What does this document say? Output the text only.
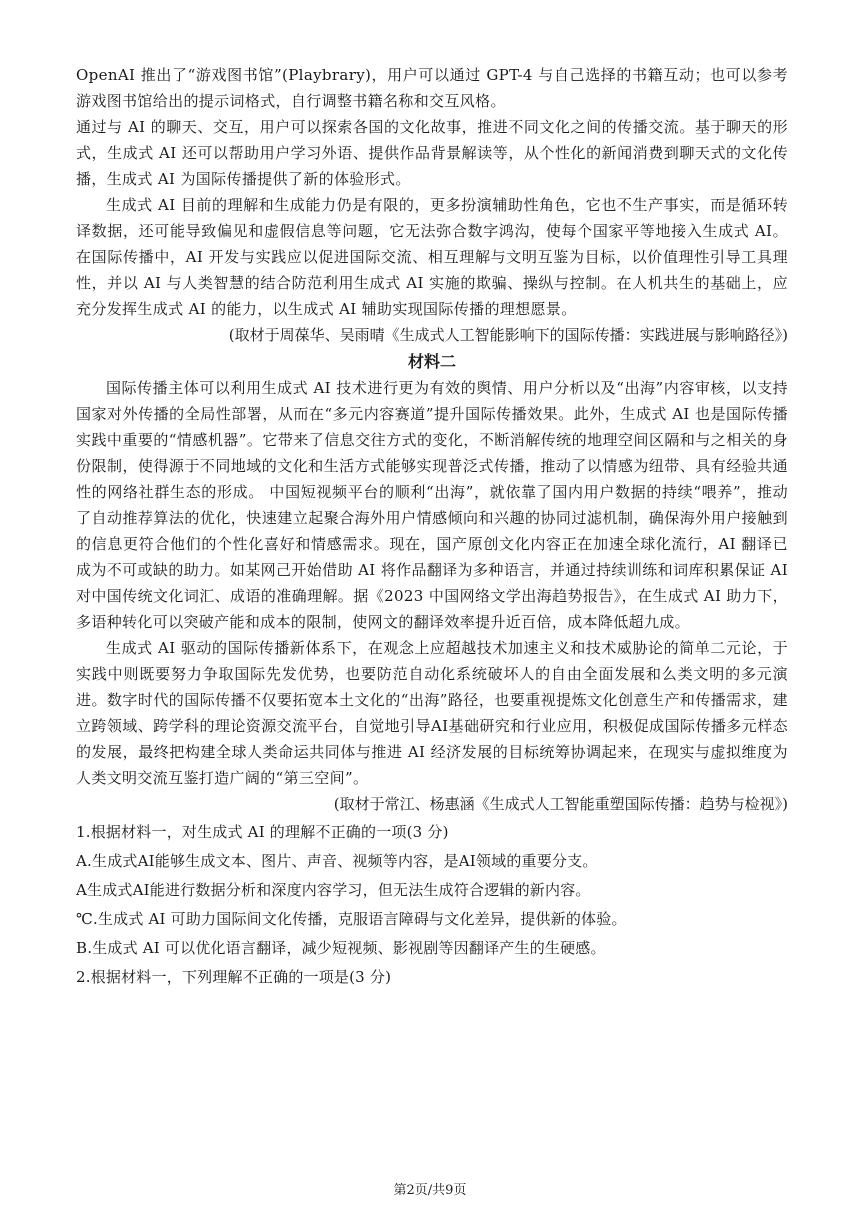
OpenAI 推出了“游戏图书馆”(Playbrary)，用户可以通过 GPT-4 与自己选择的书籍互动；也可以参考游戏图书馆给出的提示词格式，自行调整书籍名称和交互风格。

通过与 AI 的聊天、交互，用户可以探索各国的文化故事，推进不同文化之间的传播交流。基于聊天的形式，生成式 AI 还可以帮助用户学习外语、提供作品背景解读等，从个性化的新闻消费到聊天式的文化传播，生成式 AI 为国际传播提供了新的体验形式。

生成式 AI 目前的理解和生成能力仍是有限的，更多扮演辅助性角色，它也不生产事实，而是循环转译数据，还可能导致偏见和虚假信息等问题，它无法弥合数字鸿沟，使每个国家平等地接入生成式 AI。在国际传播中，AI 开发与实践应以促进国际交流、相互理解与文明互鉴为目标，以价值理性引导工具理性，并以 AI 与人类智慧的结合防范利用生成式 AI 实施的欺骗、操纵与控制。在人机共生的基础上，应充分发挥生成式 AI 的能力，以生成式 AI 辅助实现国际传播的理想愿景。

(取材于周葆华、吴雨晴《生成式人工智能影响下的国际传播：实践进展与影响路径》)

材料二

国际传播主体可以利用生成式 AI 技术进行更为有效的舆情、用户分析以及“出海”内容审核，以支持国家对外传播的全局性部署，从而在“多元内容赛道”提升国际传播效果。此外，生成式 AI 也是国际传播实践中重要的“情感机器”。它带来了信息交往方式的变化，不断消解传统的地理空间区隔和与之相关的身份限制，使得源于不同地域的文化和生活方式能够实现普泛式传播，推动了以情感为纽带、具有经验共通性的网络社群生态的形成。 中国短视频平台的顺利“出海”，就依靠了国内用户数据的持续“喂养”，推动了自动推荐算法的优化，快速建立起聚合海外用户情感倾向和兴趣的协同过滤机制，确保海外用户接触到的信息更符合他们的个性化喜好和情感需求。现在，国产原创文化内容正在加速全球化流行，AI 翻译已成为不可或缺的助力。如某网己开始借助 AI 将作品翻译为多种语言，并通过持续训练和词库积累保证 AI 对中国传统文化词汇、成语的准确理解。据《2023 中国网络文学出海趋势报告》，在生成式 AI 助力下，多语种转化可以突破产能和成本的限制，使网文的翻译效率提升近百倍，成本降低超九成。

生成式 AI 驱动的国际传播新体系下，在观念上应超越技术加速主义和技术威胁论的简单二元论，于实践中则既要努力争取国际先发优势，也要防范自动化系统破坏人的自由全面发展和么类文明的多元演进。数字时代的国际传播不仅要拓宽本土文化的“出海”路径，也要重视提炼文化创意生产和传播需求，建立跨领域、跨学科的理论资源交流平台，自觉地引导AI基础研究和行业应用，积极促成国际传播多元样态的发展，最终把构建全球人类命运共同体与推进 AI 经济发展的目标统筹协调起来，在现实与虚拟维度为人类文明交流互鉴打造广阔的“第三空间”。

(取材于常江、杨惠涵《生成式人工智能重塑国际传播：趋势与检视》)

1.根据材料一，对生成式 AI 的理解不正确的一项(3 分)

A.生成式AI能够生成文本、图片、声音、视频等内容，是AI领域的重要分支。

A生成式AI能进行数据分析和深度内容学习，但无法生成符合逻辑的新内容。

℃.生成式 AI 可助力国际间文化传播，克服语言障碍与文化差异，提供新的体验。

B.生成式 AI 可以优化语言翻译，减少短视频、影视剧等因翻译产生的生硬感。

2.根据材料一，下列理解不正确的一项是(3 分)

第2页/共9页
